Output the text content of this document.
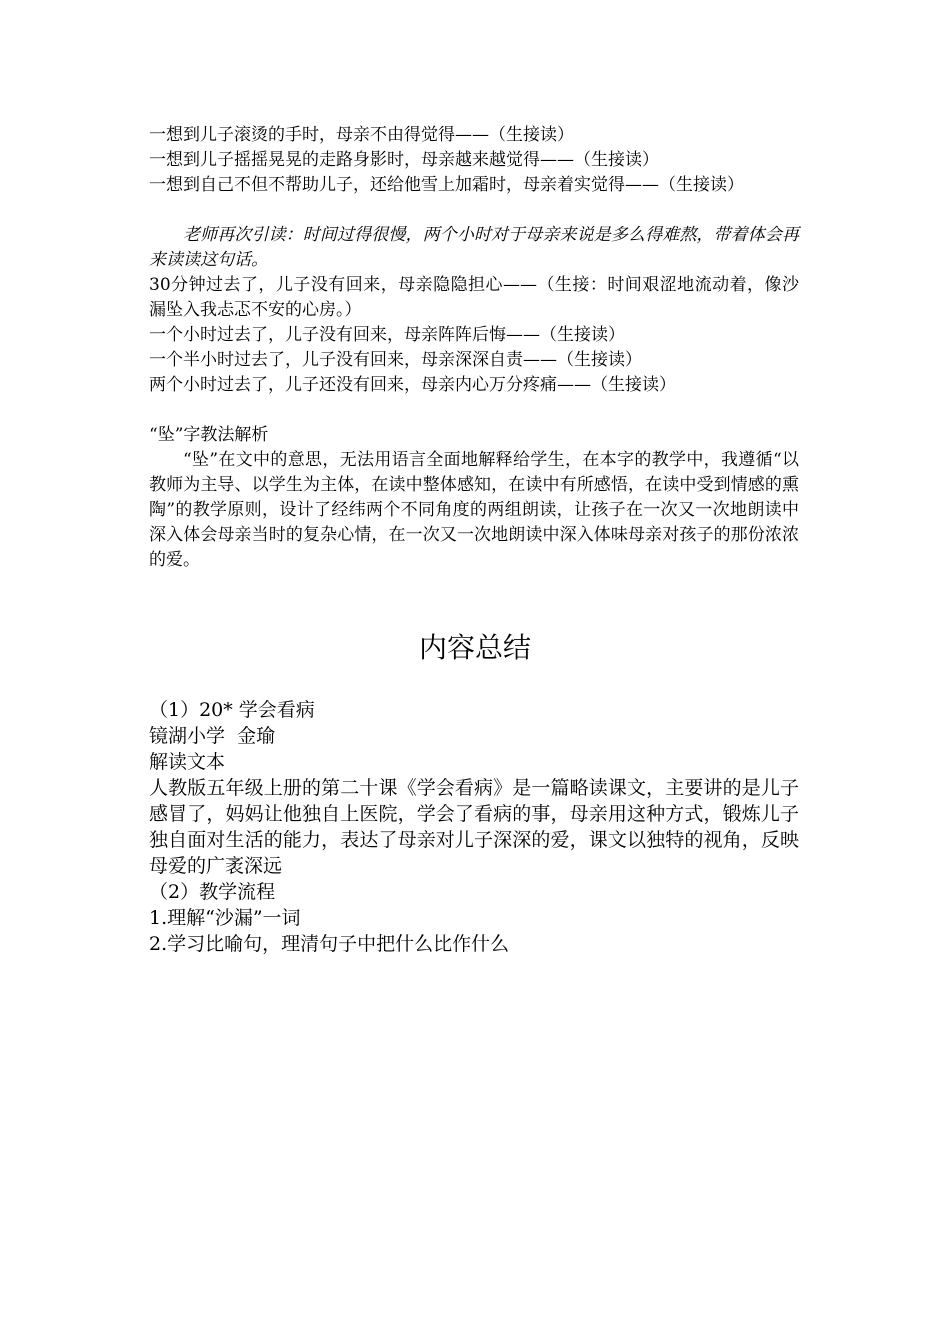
一想到儿子滚烫的手时，母亲不由得觉得——（生接读）

一想到儿子摇摇晃晃的走路身影时，母亲越来越觉得——（生接读）

一想到自己不但不帮助儿子，还给他雪上加霜时，母亲着实觉得——（生接读）

老师再次引读：时间过得很慢，两个小时对于母亲来说是多么得难熬，带着体会再来读读这句话。

30分钟过去了，儿子没有回来，母亲隐隐担心——（生接：时间艰涩地流动着，像沙漏坠入我忐忑不安的心房。）

一个小时过去了，儿子没有回来，母亲阵阵后悔——（生接读）

一个半小时过去了，儿子没有回来，母亲深深自责——（生接读）

两个小时过去了，儿子还没有回来，母亲内心万分疼痛——（生接读）

“坠”字教法解析

“坠”在文中的意思，无法用语言全面地解释给学生，在本字的教学中，我遵循“以教师为主导、以学生为主体，在读中整体感知，在读中有所感悟，在读中受到情感的熏陶”的教学原则，设计了经纬两个不同角度的两组朗读，让孩子在一次又一次地朗读中深入体会母亲当时的复杂心情，在一次又一次地朗读中深入体味母亲对孩子的那份浓浓的爱。

内容总结

（1）20* 学会看病

镜湖小学  金瑜

解读文本

人教版五年级上册的第二十课《学会看病》是一篇略读课文，主要讲的是儿子感冒了，妈妈让他独自上医院，学会了看病的事，母亲用这种方式，锻炼儿子独自面对生活的能力，表达了母亲对儿子深深的爱，课文以独特的视角，反映母爱的广袤深远

（2）教学流程

1.理解“沙漏”一词

2.学习比喻句，理清句子中把什么比作什么
